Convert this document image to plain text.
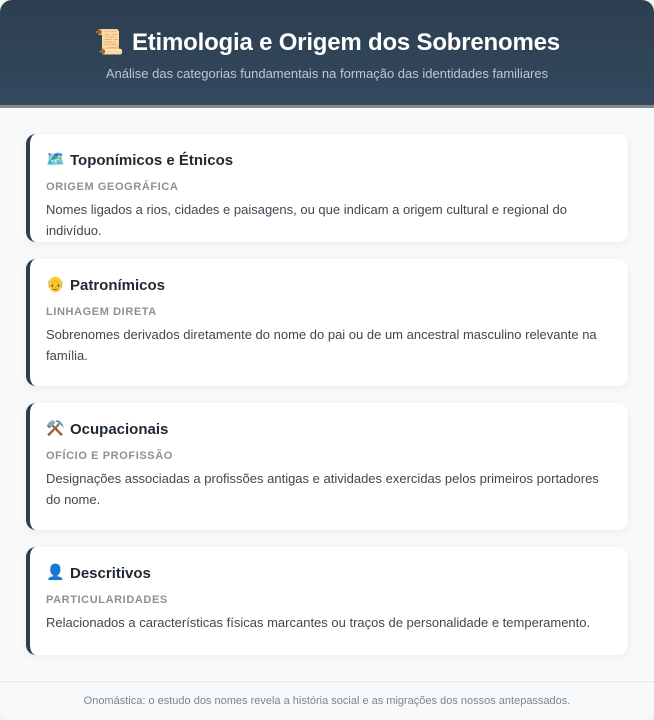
📜 Etimologia e Origem dos Sobrenomes
Análise das categorias fundamentais na formação das identidades familiares
🗺️ Toponímicos e Étnicos
ORIGEM GEOGRÁFICA
Nomes ligados a rios, cidades e paisagens, ou que indicam a origem cultural e regional do indivíduo.
👴 Patronímicos
LINHAGEM DIRETA
Sobrenomes derivados diretamente do nome do pai ou de um ancestral masculino relevante na família.
⚒️ Ocupacionais
OFÍCIO E PROFISSÃO
Designações associadas a profissões antigas e atividades exercidas pelos primeiros portadores do nome.
👤 Descritivos
PARTICULARIDADES
Relacionados a características físicas marcantes ou traços de personalidade e temperamento.
Onomástica: o estudo dos nomes revela a história social e as migrações dos nossos antepassados.
